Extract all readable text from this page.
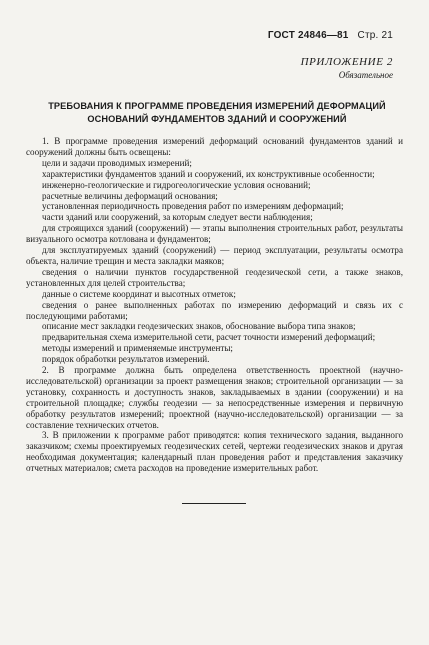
ГОСТ 24846—81 Стр. 21
ПРИЛОЖЕНИЕ 2
Обязательное
ТРЕБОВАНИЯ К ПРОГРАММЕ ПРОВЕДЕНИЯ ИЗМЕРЕНИЙ ДЕФОРМАЦИЙ
ОСНОВАНИЙ ФУНДАМЕНТОВ ЗДАНИЙ И СООРУЖЕНИЙ

1. В программе проведения измерений деформаций оснований фундаментов зданий и сооружений должны быть освещены:

цели и задачи проводимых измерений;

характеристики фундаментов зданий и сооружений, их конструктивные особенности;

инженерно-геологические и гидрогеологические условия оснований;

расчетные величины деформаций основания;

установленная периодичность проведения работ по измерениям деформаций;

части зданий или сооружений, за которым следует вести наблюдения;

для строящихся зданий (сооружений) — этапы выполнения строительных работ, результаты визуального осмотра котлована и фундаментов;

для эксплуатируемых зданий (сооружений) — период эксплуатации, результаты осмотра объекта, наличие трещин и места закладки маяков;

сведения о наличии пунктов государственной геодезической сети, а также знаков, установленных для целей строительства;

данные о системе координат и высотных отметок;

сведения о ранее выполненных работах по измерению деформаций и связь их с последующими работами;

описание мест закладки геодезических знаков, обоснование выбора типа знаков;

предварительная схема измерительной сети, расчет точности измерений деформаций;

методы измерений и применяемые инструменты;

порядок обработки результатов измерений.

2. В программе должна быть определена ответственность проектной (научно-исследовательской) организации за проект размещения знаков; строительной организации — за установку, сохранность и доступность знаков, закладываемых в здании (сооружении) и на строительной площадке; службы геодезии — за непосредственные измерения и первичную обработку результатов измерений; проектной (научно-исследовательской) организации — за составление технических отчетов.

3. В приложении к программе работ приводятся: копия технического задания, выданного заказчиком; схемы проектируемых геодезических сетей, чертежи геодезических знаков и другая необходимая документация; календарный план проведения работ и представления заказчику отчетных материалов; смета расходов на проведение измерительных работ.
